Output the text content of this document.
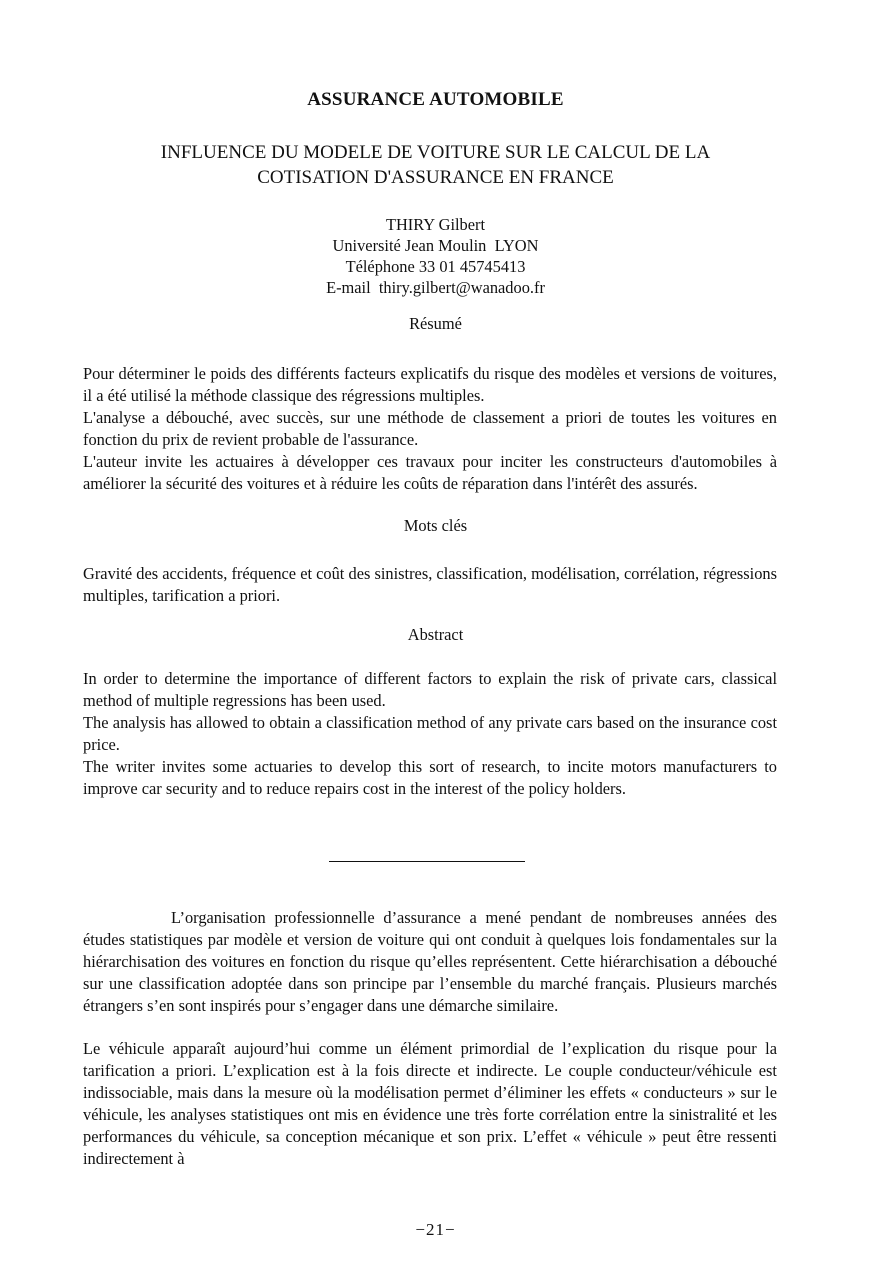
ASSURANCE AUTOMOBILE
INFLUENCE DU MODELE DE VOITURE SUR LE CALCUL DE LA
COTISATION D'ASSURANCE EN FRANCE
THIRY Gilbert
Université Jean Moulin  LYON
Téléphone 33 01 45745413
E-mail  thiry.gilbert@wanadoo.fr
Résumé

Pour déterminer le poids des différents facteurs explicatifs du risque des modèles et versions de voitures, il a été utilisé la méthode classique des régressions multiples.

L'analyse a débouché, avec succès, sur une méthode de classement a priori de toutes les voitures en fonction du prix de revient probable de l'assurance.

L'auteur invite les actuaires à développer ces travaux pour inciter les constructeurs d'automobiles à améliorer la sécurité des voitures et à réduire les coûts de réparation dans l'intérêt des assurés.

Mots clés

Gravité des accidents, fréquence et coût des sinistres, classification, modélisation, corrélation, régressions multiples, tarification a priori.

Abstract

In order to determine the importance of different factors to explain the risk of private cars, classical method of multiple regressions has been used.

The analysis has allowed to obtain a classification method of any private cars based on the insurance cost price.

The writer invites some actuaries to develop this sort of research, to incite motors manufacturers to improve car security and to reduce repairs cost in the interest of the policy holders.

L’organisation professionnelle d’assurance a mené pendant de nombreuses années des études statistiques par modèle et version de voiture qui ont conduit à quelques lois fondamentales sur la hiérarchisation des voitures en fonction du risque qu’elles représentent. Cette hiérarchisation a débouché sur une classification adoptée dans son principe par l’ensemble du marché français. Plusieurs marchés étrangers s’en sont inspirés pour s’engager dans une démarche similaire.

Le véhicule apparaît aujourd’hui comme un élément primordial de l’explication du risque pour la tarification a priori. L’explication est à la fois directe et indirecte. Le couple conducteur/véhicule est indissociable, mais dans la mesure où la modélisation permet d’éliminer les effets « conducteurs » sur le véhicule, les analyses statistiques ont mis en évidence une très forte corrélation entre la sinistralité et les performances du véhicule, sa conception mécanique et son prix. L’effet « véhicule » peut être ressenti indirectement à

−21−
